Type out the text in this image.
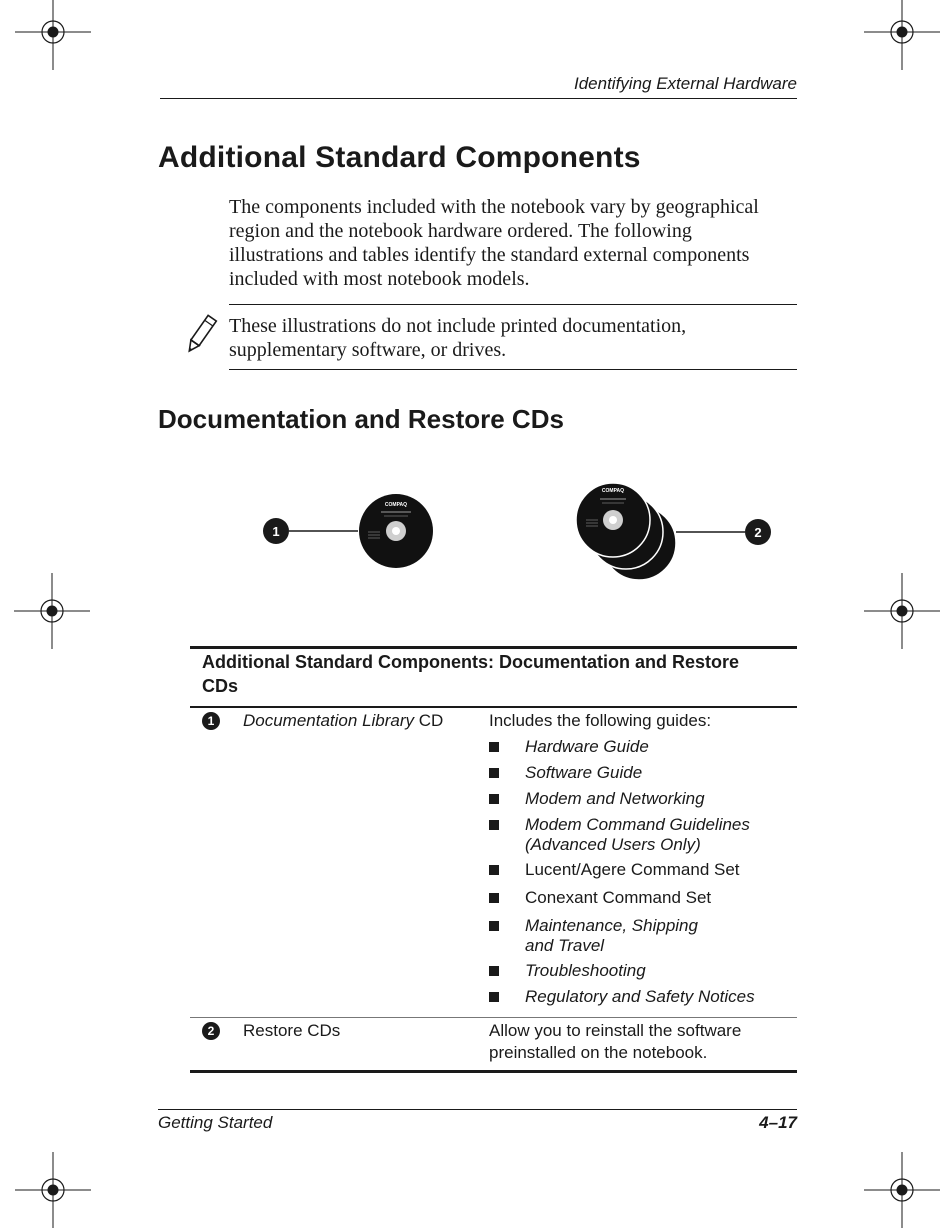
Identifying External Hardware
Additional Standard Components
The components included with the notebook vary by geographical region and the notebook hardware ordered. The following illustrations and tables identify the standard external components included with most notebook models.
These illustrations do not include printed documentation, supplementary software, or drives.
Documentation and Restore CDs
1
COMPAQ
COMPAQ
2
Additional Standard Components: Documentation and Restore CDs
1	Documentation Library CD	Includes the following guides:
Hardware Guide
Software Guide
Modem and Networking
Modem Command Guidelines
(Advanced Users Only)
Lucent/Agere Command Set
Conexant Command Set
Maintenance, Shipping
and Travel
Troubleshooting
Regulatory and Safety Notices
2	Restore CDs	Allow you to reinstall the software
preinstalled on the notebook.
Getting Started	4–17
